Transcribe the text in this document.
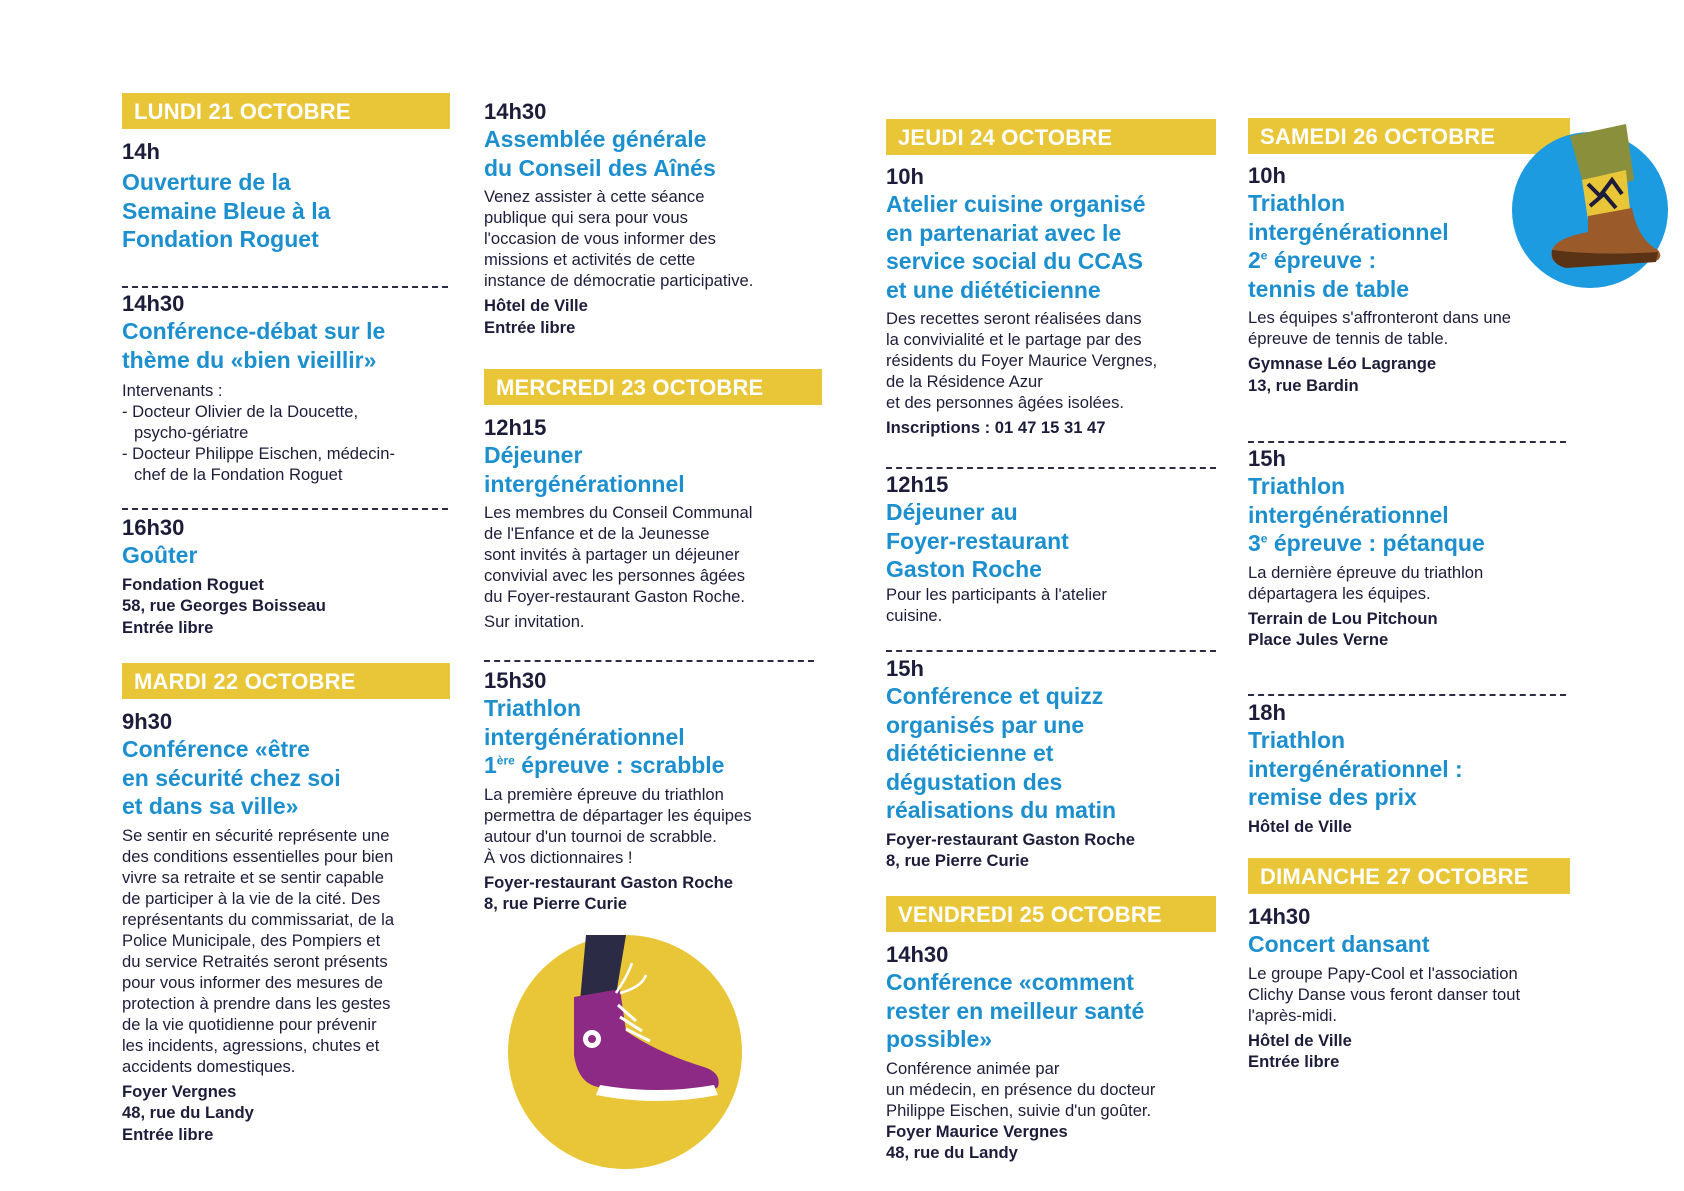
LUNDI 21 OCTOBRE
14h
Ouverture de la
Semaine Bleue à la
Fondation Roguet
14h30
Conférence-débat sur le
thème du «bien vieillir»
Intervenants :
- Docteur Olivier de la Doucette,
psycho-gériatre
- Docteur Philippe Eischen, médecin-
chef de la Fondation Roguet
16h30
Goûter
Fondation Roguet
58, rue Georges Boisseau
Entrée libre
MARDI 22 OCTOBRE
9h30
Conférence «être
en sécurité chez soi
et dans sa ville»
Se sentir en sécurité représente une
des conditions essentielles pour bien
vivre sa retraite et se sentir capable
de participer à la vie de la cité. Des
représentants du commissariat, de la
Police Municipale, des Pompiers et
du service Retraités seront présents
pour vous informer des mesures de
protection à prendre dans les gestes
de la vie quotidienne pour prévenir
les incidents, agressions, chutes et
accidents domestiques.
Foyer Vergnes
48, rue du Landy
Entrée libre
14h30
Assemblée générale
du Conseil des Aînés
Venez assister à cette séance
publique qui sera pour vous
l'occasion de vous informer des
missions et activités de cette
instance de démocratie participative.
Hôtel de Ville
Entrée libre
MERCREDI 23 OCTOBRE
12h15
Déjeuner
intergénérationnel
Les membres du Conseil Communal
de l'Enfance et de la Jeunesse
sont invités à partager un déjeuner
convivial avec les personnes âgées
du Foyer-restaurant Gaston Roche.
Sur invitation.
15h30
Triathlon
intergénérationnel
1ère épreuve : scrabble
La première épreuve du triathlon
permettra de départager les équipes
autour d'un tournoi de scrabble.
À vos dictionnaires !
Foyer-restaurant Gaston Roche
8, rue Pierre Curie
JEUDI 24 OCTOBRE
10h
Atelier cuisine organisé
en partenariat avec le
service social du CCAS
et une diététicienne
Des recettes seront réalisées dans
la convivialité et le partage par des
résidents du Foyer Maurice Vergnes,
de la Résidence Azur
et des personnes âgées isolées.
Inscriptions : 01 47 15 31 47
12h15
Déjeuner au
Foyer-restaurant
Gaston Roche
Pour les participants à l'atelier
cuisine.
15h
Conférence et quizz
organisés par une
diététicienne et
dégustation des
réalisations du matin
Foyer-restaurant Gaston Roche
8, rue Pierre Curie
VENDREDI 25 OCTOBRE
14h30
Conférence «comment
rester en meilleur santé
possible»
Conférence animée par
un médecin, en présence du docteur
Philippe Eischen, suivie d'un goûter.
Foyer Maurice Vergnes
48, rue du Landy
SAMEDI 26 OCTOBRE
10h
Triathlon
intergénérationnel
2e épreuve :
tennis de table
Les équipes s'affronteront dans une
épreuve de tennis de table.
Gymnase Léo Lagrange
13, rue Bardin
15h
Triathlon
intergénérationnel
3e épreuve : pétanque
La dernière épreuve du triathlon
départagera les équipes.
Terrain de Lou Pitchoun
Place Jules Verne
18h
Triathlon
intergénérationnel :
remise des prix
Hôtel de Ville
DIMANCHE 27 OCTOBRE
14h30
Concert dansant
Le groupe Papy-Cool et l'association
Clichy Danse vous feront danser tout
l'après-midi.
Hôtel de Ville
Entrée libre
